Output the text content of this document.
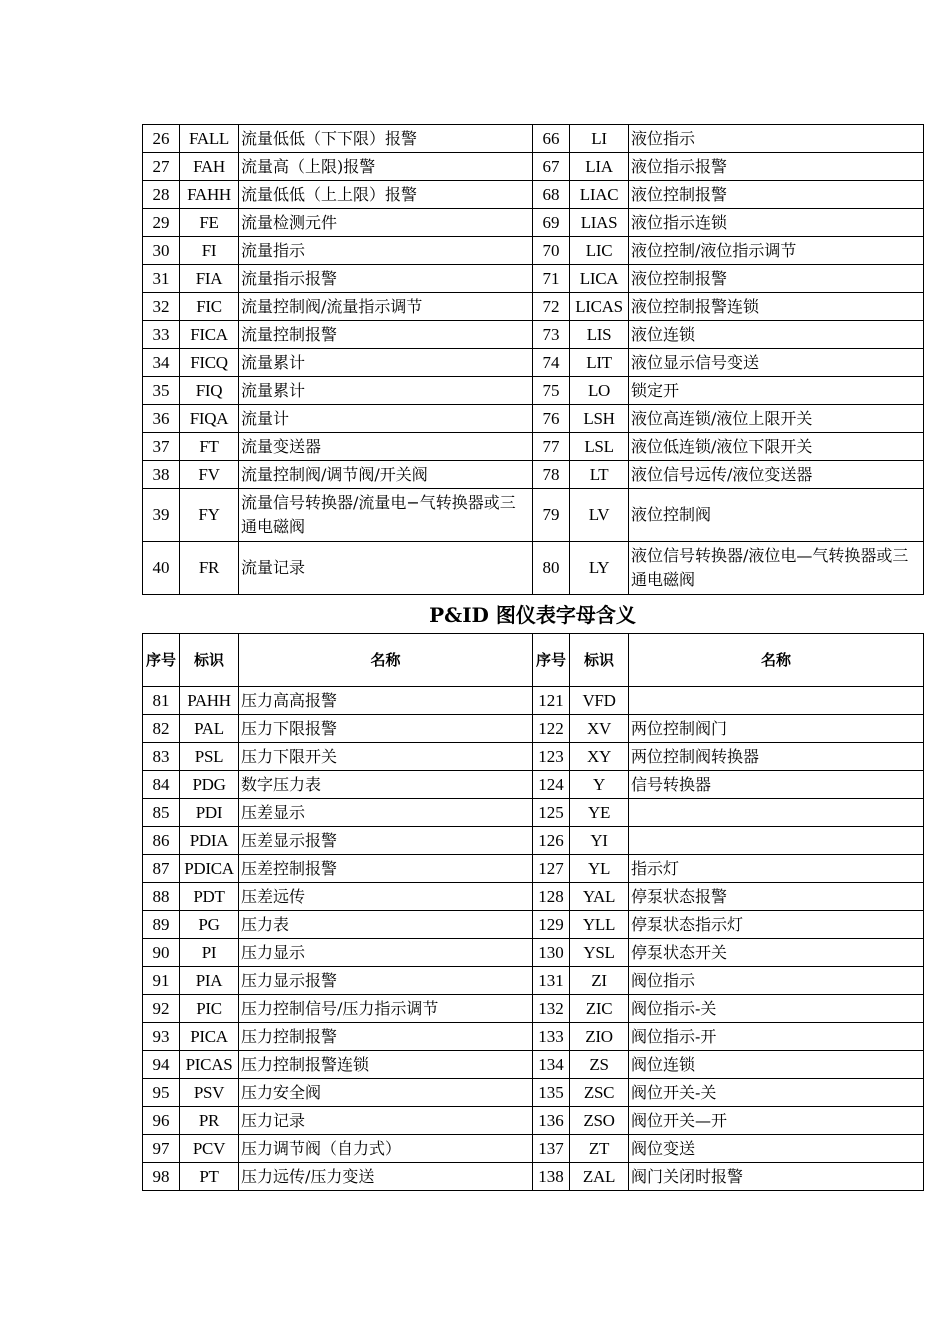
26	FALL	流量低低（下下限）报警	66	LI	液位指示
27	FAH	流量高（上限)报警	67	LIA	液位指示报警
28	FAHH	流量低低（上上限）报警	68	LIAC	液位控制报警
29	FE	流量检测元件	69	LIAS	液位指示连锁
30	FI	流量指示	70	LIC	液位控制/液位指示调节
31	FIA	流量指示报警	71	LICA	液位控制报警
32	FIC	流量控制阀/流量指示调节	72	LICAS	液位控制报警连锁
33	FICA	流量控制报警	73	LIS	液位连锁
34	FICQ	流量累计	74	LIT	液位显示信号变送
35	FIQ	流量累计	75	LO	锁定开
36	FIQA	流量计	76	LSH	液位高连锁/液位上限开关
37	FT	流量变送器	77	LSL	液位低连锁/液位下限开关
38	FV	流量控制阀/调节阀/开关阀	78	LT	液位信号远传/液位变送器
39	FY	流量信号转换器/流量电−气转换器或三通电磁阀	79	LV	液位控制阀
40	FR	流量记录	80	LY	液位信号转换器/液位电—气转换器或三通电磁阀
P&ID 图仪表字母含义
序号	标识	名称	序号	标识	名称
81	PAHH	压力高高报警	121	VFD	
82	PAL	压力下限报警	122	XV	两位控制阀门
83	PSL	压力下限开关	123	XY	两位控制阀转换器
84	PDG	数字压力表	124	Y	信号转换器
85	PDI	压差显示	125	YE	
86	PDIA	压差显示报警	126	YI	
87	PDICA	压差控制报警	127	YL	指示灯
88	PDT	压差远传	128	YAL	停泵状态报警
89	PG	压力表	129	YLL	停泵状态指示灯
90	PI	压力显示	130	YSL	停泵状态开关
91	PIA	压力显示报警	131	ZI	阀位指示
92	PIC	压力控制信号/压力指示调节	132	ZIC	阀位指示-关
93	PICA	压力控制报警	133	ZIO	阀位指示-开
94	PICAS	压力控制报警连锁	134	ZS	阀位连锁
95	PSV	压力安全阀	135	ZSC	阀位开关-关
96	PR	压力记录	136	ZSO	阀位开关—开
97	PCV	压力调节阀（自力式）	137	ZT	阀位变送
98	PT	压力远传/压力变送	138	ZAL	阀门关闭时报警
